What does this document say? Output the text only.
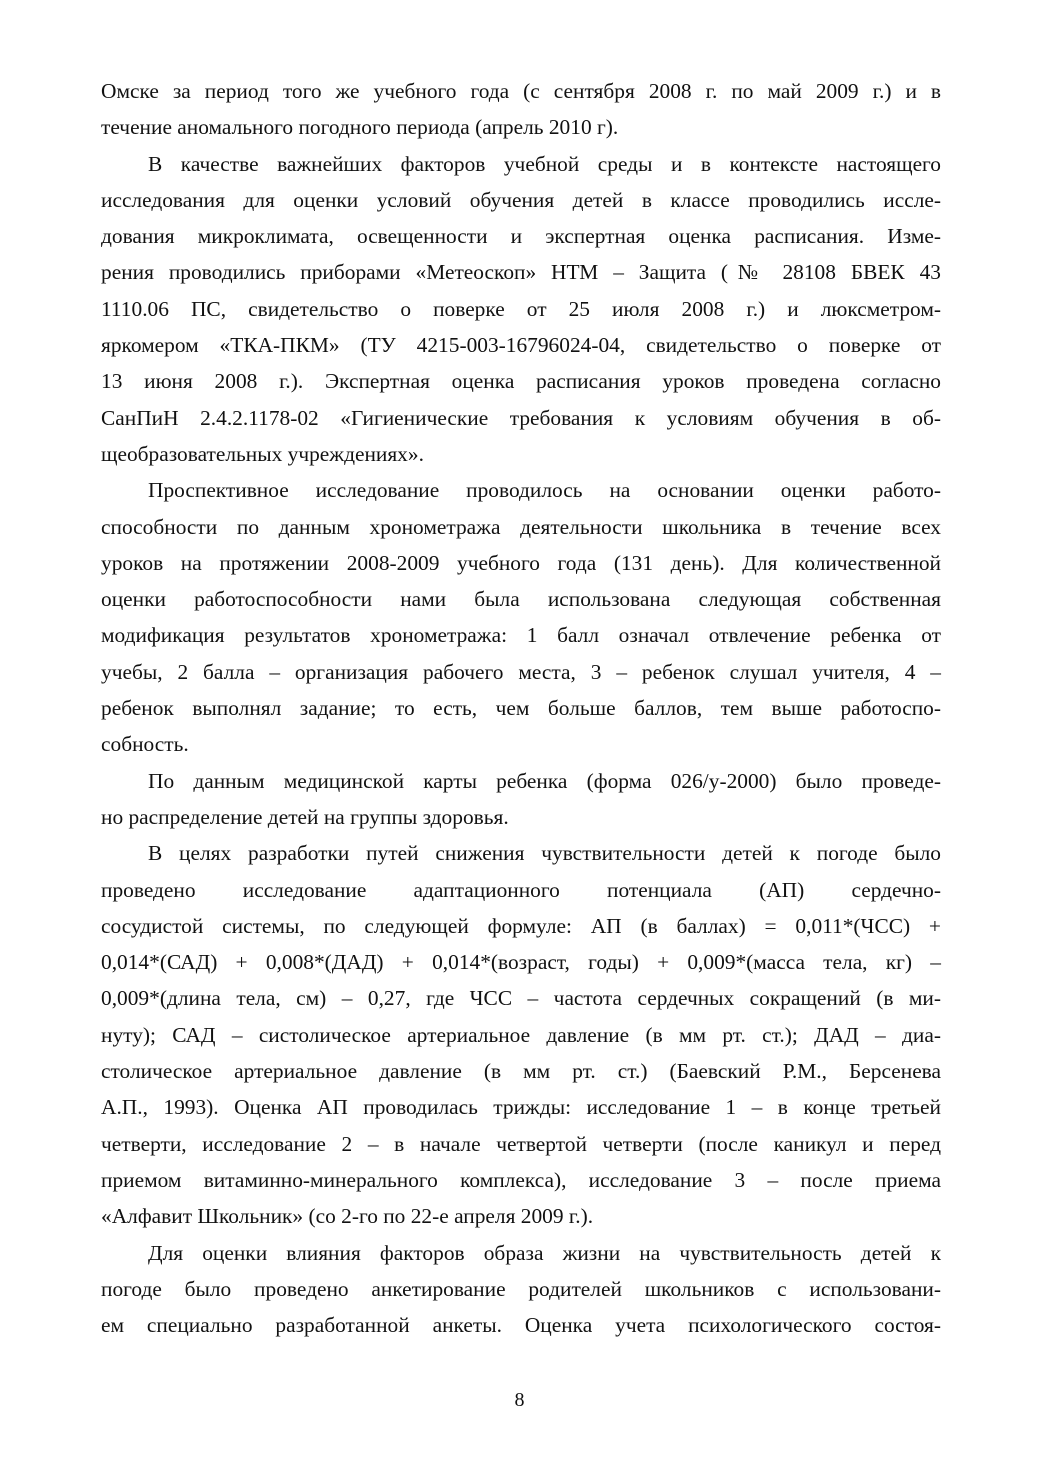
Омске за период того же учебного года (с сентября 2008 г. по май 2009 г.) и в
течение аномального погодного периода (апрель 2010 г).

В качестве важнейших факторов учебной среды и в контексте настоящего
исследования для оценки условий обучения детей в классе проводились иссле-
дования микроклимата, освещенности и экспертная оценка расписания. Изме-
рения проводились приборами «Метеоскоп» НТМ – Защита (№ 28108 БВЕК 43
1110.06 ПС, свидетельство о поверке от 25 июля 2008 г.) и люксметром-
яркомером «ТКА-ПКМ» (ТУ 4215-003-16796024-04, свидетельство о поверке от
13 июня 2008 г.). Экспертная оценка расписания уроков проведена согласно
СанПиН 2.4.2.1178-02 «Гигиенические требования к условиям обучения в об-
щеобразовательных учреждениях».

Проспективное исследование проводилось на основании оценки работо-
способности по данным хронометража деятельности школьника в течение всех
уроков на протяжении 2008-2009 учебного года (131 день). Для количественной
оценки работоспособности нами была использована следующая собственная
модификация результатов хронометража: 1 балл означал отвлечение ребенка от
учебы, 2 балла – организация рабочего места, 3 – ребенок слушал учителя, 4 –
ребенок выполнял задание; то есть, чем больше баллов, тем выше работоспо-
собность.

По данным медицинской карты ребенка (форма 026/у-2000) было проведе-
но распределение детей на группы здоровья.

В целях разработки путей снижения чувствительности детей к погоде было
проведено исследование адаптационного потенциала (АП) сердечно-
сосудистой системы, по следующей формуле: АП (в баллах) = 0,011*(ЧСС) +
0,014*(САД) + 0,008*(ДАД) + 0,014*(возраст, годы) + 0,009*(масса тела, кг) –
0,009*(длина тела, см) – 0,27, где ЧСС – частота сердечных сокращений (в ми-
нуту); САД – систолическое артериальное давление (в мм рт. ст.); ДАД – диа-
столическое артериальное давление (в мм рт. ст.) (Баевский Р.М., Берсенева
А.П., 1993). Оценка АП проводилась трижды: исследование 1 – в конце третьей
четверти, исследование 2 – в начале четвертой четверти (после каникул и перед
приемом витаминно-минерального комплекса), исследование 3 – после приема
«Алфавит Школьник» (со 2-го по 22-е апреля 2009 г.).

Для оценки влияния факторов образа жизни на чувствительность детей к
погоде было проведено анкетирование родителей школьников с использовани-
ем специально разработанной анкеты. Оценка учета психологического состоя-

8
